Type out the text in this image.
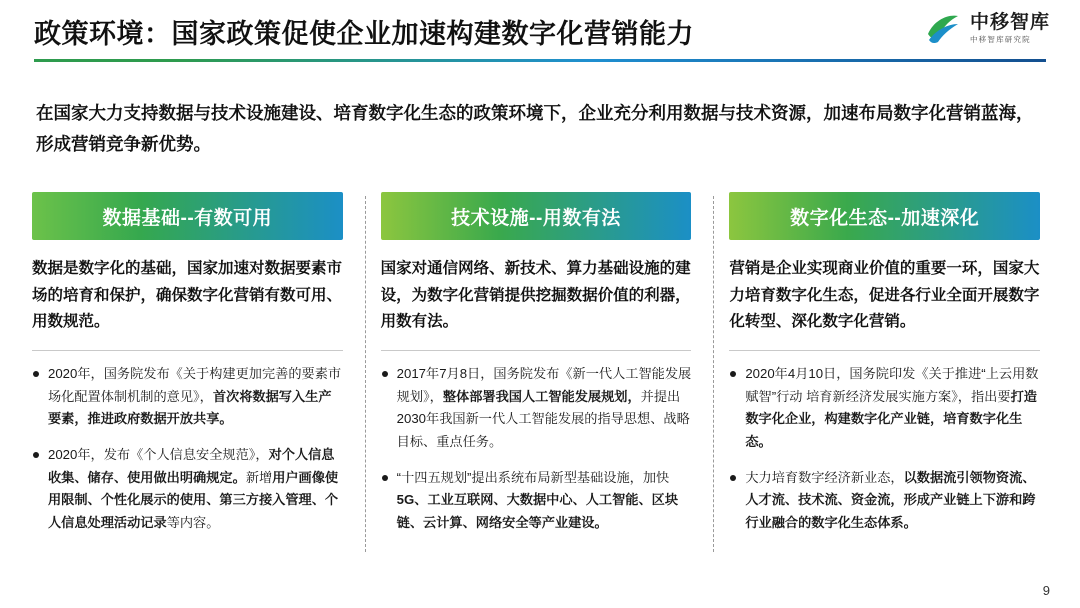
政策环境：国家政策促使企业加速构建数字化营销能力	中移智库
中移智库研究院
在国家大力支持数据与技术设施建设、培育数字化生态的政策环境下，企业充分利用数据与技术资源，加速布局数字化营销蓝海，形成营销竞争新优势。
数据基础-- 有数可用
数据是数字化的基础，国家加速对数据要素市场的培育和保护，确保数字化营销有数可用、用数规范。
2020年，国务院发布《关于构建更加完善的要素市场化配置体制机制的意见》，首次将数据写入生产要素，推进政府数据开放共享。
2020年，发布《个人信息安全规范》，对个人信息收集、储存、使用做出明确规定。新增用户画像使用限制、个性化展示的使用、第三方接入管理、个人信息处理活动记录等内容。
技术设施-- 用数有法
国家对通信网络、新技术、算力基础设施的建设，为数字化营销提供挖掘数据价值的利器，用数有法。
2017年7月8日，国务院发布《新一代人工智能发展规划》，整体部署我国人工智能发展规划，并提出2030年我国新一代人工智能发展的指导思想、战略目标、重点任务。
“十四五规划”提出系统布局新型基础设施，加快5G、工业互联网、大数据中心、人工智能、区块链、云计算、网络安全等产业建设。
数字化生态-- 加速深化
营销是企业实现商业价值的重要一环，国家大力培育数字化生态，促进各行业全面开展数字化转型、深化数字化营销。
2020年4月10日，国务院印发《关于推进“上云用数赋智”行动 培育新经济发展实施方案》，指出要打造数字化企业，构建数字化产业链，培育数字化生态。
大力培育数字经济新业态，以数据流引领物资流、人才流、技术流、资金流，形成产业链上下游和跨行业融合的数字化生态体系。
9
